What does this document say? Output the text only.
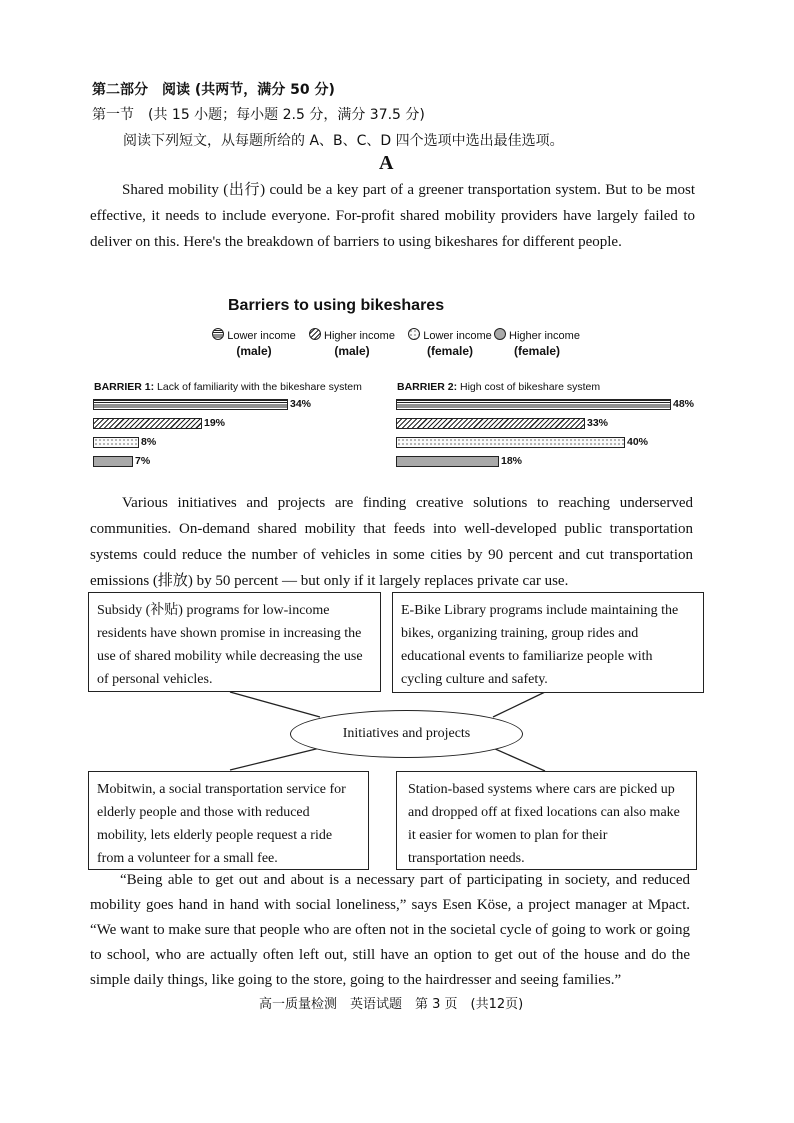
第二部分　阅读 (共两节，满分 50 分)
第一节　(共 15 小题；每小题 2.5 分，满分 37.5 分)
阅读下列短文，从每题所给的 A、B、C、D 四个选项中选出最佳选项。
A
Shared mobility (出行) could be a key part of a greener transportation system. But to be most effective, it needs to include everyone. For-profit shared mobility providers have largely failed to deliver on this. Here's the breakdown of barriers to using bikeshares for different people.
Barriers to using bikeshares
Lower income
(male)
Higher income
(male)
Lower income
(female)
Higher income
(female)
BARRIER 1: Lack of familiarity with the bikeshare system	BARRIER 2: High cost of bikeshare system
34%
19%
8%
7%
48%
33%
40%
18%
Various initiatives and projects are finding creative solutions to reaching underserved communities. On-demand shared mobility that feeds into well-developed public transportation systems could reduce the number of vehicles in some cities by 90 percent and cut transportation emissions (排放) by 50 percent — but only if it largely replaces private car use.
Subsidy (补贴) programs for low-income residents have shown promise in increasing the use of shared mobility while decreasing the use of personal vehicles.
E-Bike Library programs include maintaining the bikes, organizing training, group rides and educational events to familiarize people with cycling culture and safety.
Initiatives and projects
Mobitwin, a social transportation service for elderly people and those with reduced mobility, lets elderly people request a ride from a volunteer for a small fee.
Station-based systems where cars are picked up and dropped off at fixed locations can also make it easier for women to plan for their transportation needs.
“Being able to get out and about is a necessary part of participating in society, and reduced mobility goes hand in hand with social loneliness,” says Esen Köse, a project manager at Mpact. “We want to make sure that people who are often not in the societal cycle of going to work or going to school, who are actually often left out, still have an option to get out of the house and do the simple daily things, like going to the store, going to the hairdresser and seeing families.”
高一质量检测　英语试题　第 3 页　(共12页)
